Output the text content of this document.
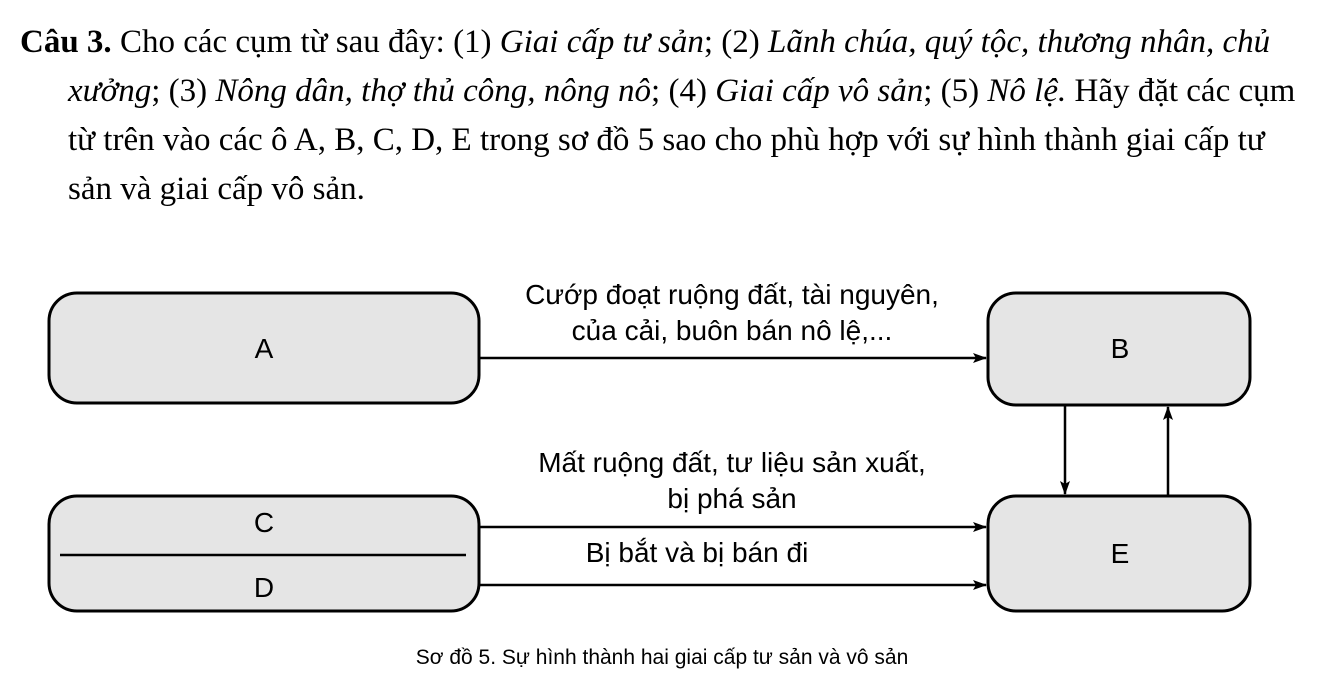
Câu 3. Cho các cụm từ sau đây: (1) Giai cấp tư sản; (2) Lãnh chúa, quý tộc, thương nhân, chủ xưởng; (3) Nông dân, thợ thủ công, nông nô; (4) Giai cấp vô sản; (5) Nô lệ. Hãy đặt các cụm từ trên vào các ô A, B, C, D, E trong sơ đồ 5 sao cho phù hợp với sự hình thành giai cấp tư sản và giai cấp vô sản.

A	B
C
D
E
Cướp đoạt ruộng đất, tài nguyên,
của cải, buôn bán nô lệ,...
Mất ruộng đất, tư liệu sản xuất,
bị phá sản
Bị bắt và bị bán đi
Sơ đồ 5. Sự hình thành hai giai cấp tư sản và vô sản
